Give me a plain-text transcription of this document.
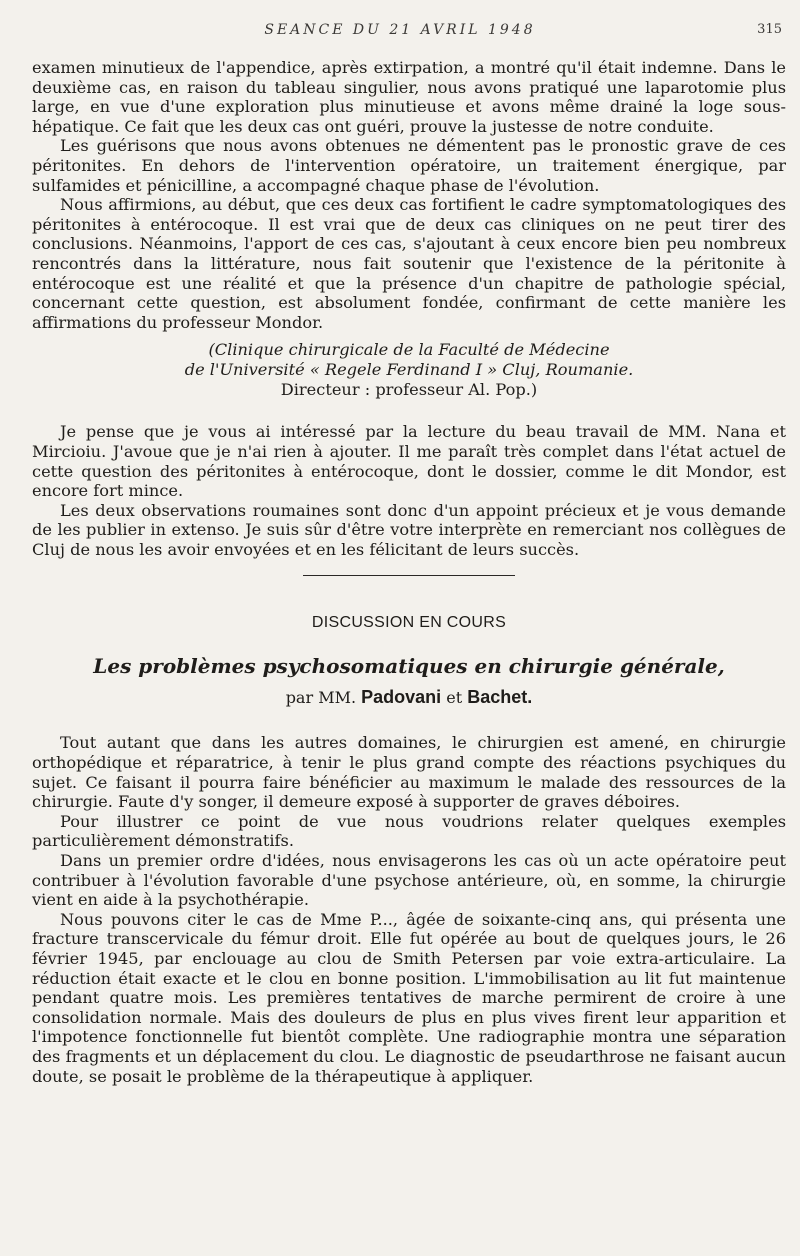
SEANCE DU 21 AVRIL 1948	315

examen minutieux de l'appendice, après extirpation, a montré qu'il était indemne. Dans le deuxième cas, en raison du tableau singulier, nous avons pratiqué une laparotomie plus large, en vue d'une exploration plus minutieuse et avons même drainé la loge sous-hépatique. Ce fait que les deux cas ont guéri, prouve la justesse de notre conduite.

Les guérisons que nous avons obtenues ne démentent pas le pronostic grave de ces péritonites. En dehors de l'intervention opératoire, un traitement énergique, par sulfamides et pénicilline, a accompagné chaque phase de l'évolution.

Nous affirmions, au début, que ces deux cas fortifient le cadre symptomatologiques des péritonites à entérocoque. Il est vrai que de deux cas cliniques on ne peut tirer des conclusions. Néanmoins, l'apport de ces cas, s'ajoutant à ceux encore bien peu nombreux rencontrés dans la littérature, nous fait soutenir que l'existence de la péritonite à entérocoque est une réalité et que la présence d'un chapitre de pathologie spécial, concernant cette question, est absolument fondée, confirmant de cette manière les affirmations du professeur Mondor.

(Clinique chirurgicale de la Faculté de Médecine
de l'Université « Regele Ferdinand I » Cluj, Roumanie.
Directeur : professeur Al. Pop.)

Je pense que je vous ai intéressé par la lecture du beau travail de MM. Nana et Mircioiu. J'avoue que je n'ai rien à ajouter. Il me paraît très complet dans l'état actuel de cette question des péritonites à entérocoque, dont le dossier, comme le dit Mondor, est encore fort mince.

Les deux observations roumaines sont donc d'un appoint précieux et je vous demande de les publier in extenso. Je suis sûr d'être votre interprète en remerciant nos collègues de Cluj de nous les avoir envoyées et en les félicitant de leurs succès.

DISCUSSION EN COURS
Les problèmes psychosomatiques en chirurgie générale,
par MM. Padovani et Bachet.

Tout autant que dans les autres domaines, le chirurgien est amené, en chirurgie orthopédique et réparatrice, à tenir le plus grand compte des réactions psychiques du sujet. Ce faisant il pourra faire bénéficier au maximum le malade des ressources de la chirurgie. Faute d'y songer, il demeure exposé à supporter de graves déboires.

Pour illustrer ce point de vue nous voudrions relater quelques exemples particulièrement démonstratifs.

Dans un premier ordre d'idées, nous envisagerons les cas où un acte opératoire peut contribuer à l'évolution favorable d'une psychose antérieure, où, en somme, la chirurgie vient en aide à la psychothérapie.

Nous pouvons citer le cas de Mme P..., âgée de soixante-cinq ans, qui présenta une fracture transcervicale du fémur droit. Elle fut opérée au bout de quelques jours, le 26 février 1945, par enclouage au clou de Smith Petersen par voie extra-articulaire. La réduction était exacte et le clou en bonne position. L'immobilisation au lit fut maintenue pendant quatre mois. Les premières tentatives de marche permirent de croire à une consolidation normale. Mais des douleurs de plus en plus vives firent leur apparition et l'impotence fonctionnelle fut bientôt complète. Une radiographie montra une séparation des fragments et un déplacement du clou. Le diagnostic de pseudarthrose ne faisant aucun doute, se posait le problème de la thérapeutique à appliquer.
